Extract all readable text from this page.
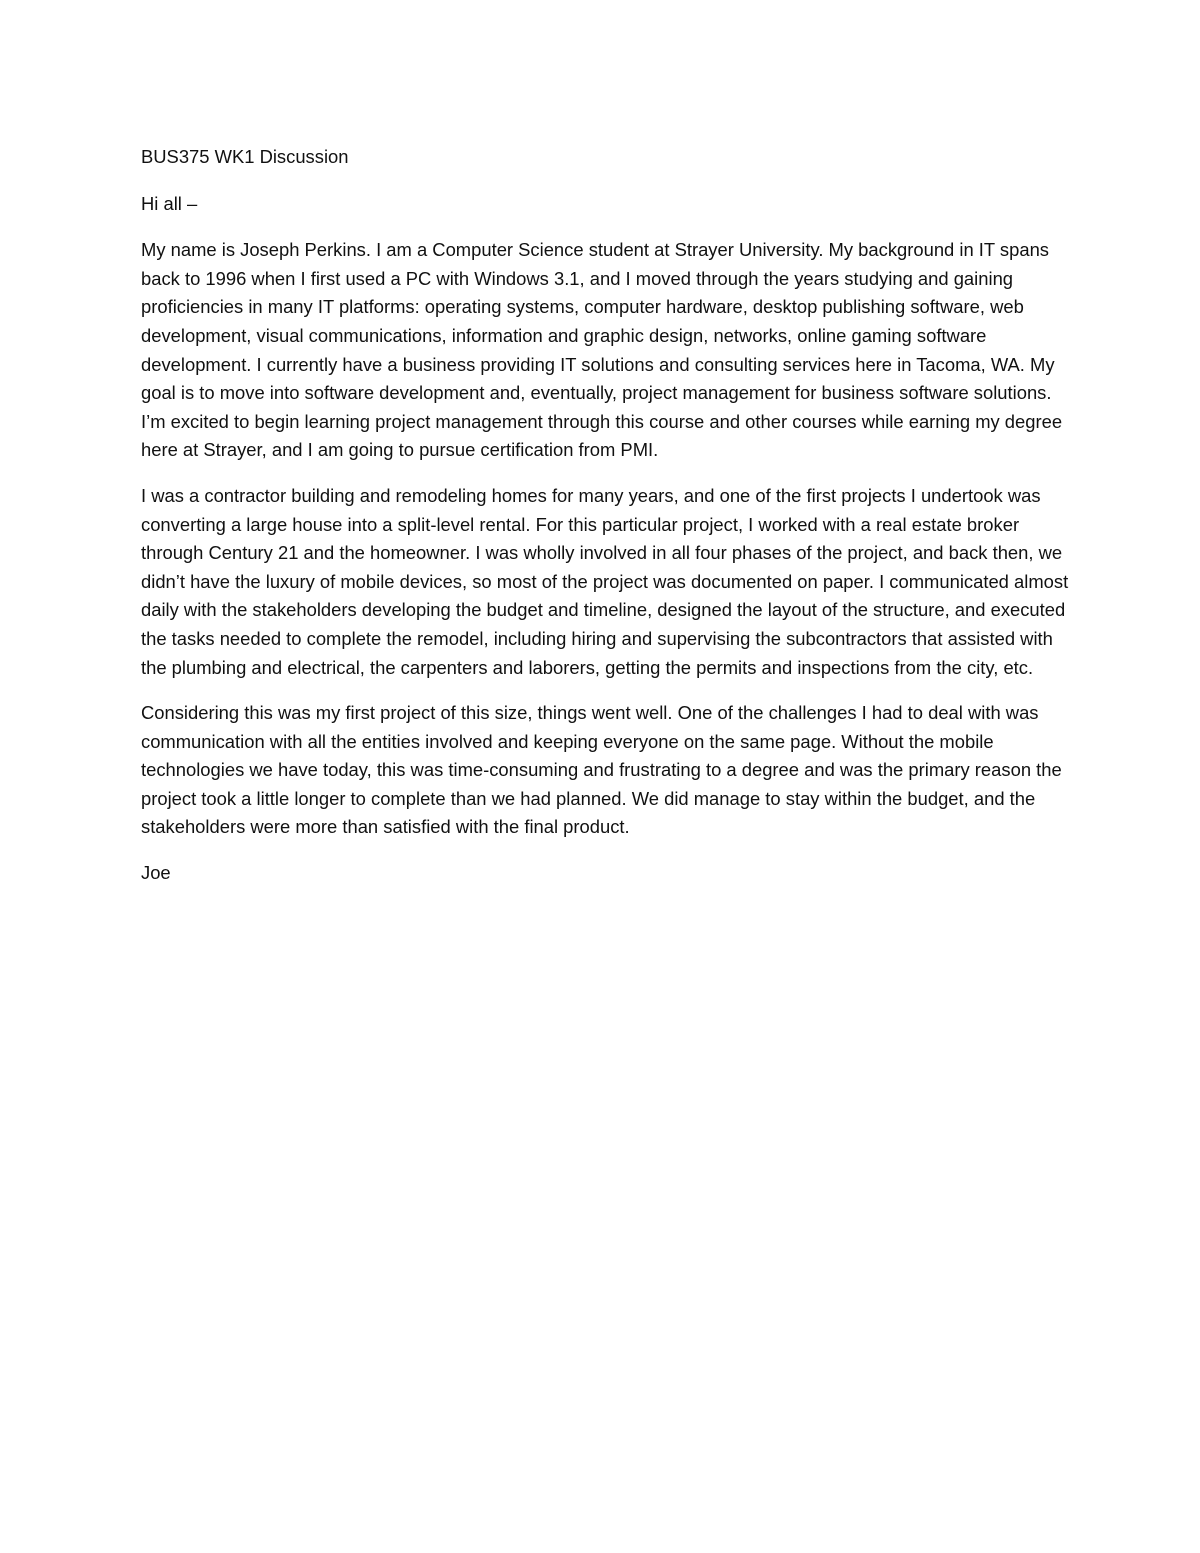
BUS375 WK1 Discussion

Hi all –

My name is Joseph Perkins. I am a Computer Science student at Strayer University. My background in IT spans back to 1996 when I first used a PC with Windows 3.1, and I moved through the years studying and gaining proficiencies in many IT platforms: operating systems, computer hardware, desktop publishing software, web development, visual communications, information and graphic design, networks, online gaming software development. I currently have a business providing IT solutions and consulting services here in Tacoma, WA. My goal is to move into software development and, eventually, project management for business software solutions. I’m excited to begin learning project management through this course and other courses while earning my degree here at Strayer, and I am going to pursue certification from PMI.

I was a contractor building and remodeling homes for many years, and one of the first projects I undertook was converting a large house into a split-level rental. For this particular project, I worked with a real estate broker through Century 21 and the homeowner. I was wholly involved in all four phases of the project, and back then, we didn’t have the luxury of mobile devices, so most of the project was documented on paper. I communicated almost daily with the stakeholders developing the budget and timeline, designed the layout of the structure, and executed the tasks needed to complete the remodel, including hiring and supervising the subcontractors that assisted with the plumbing and electrical, the carpenters and laborers, getting the permits and inspections from the city, etc.

Considering this was my first project of this size, things went well. One of the challenges I had to deal with was communication with all the entities involved and keeping everyone on the same page. Without the mobile technologies we have today, this was time-consuming and frustrating to a degree and was the primary reason the project took a little longer to complete than we had planned. We did manage to stay within the budget, and the stakeholders were more than satisfied with the final product.

Joe
